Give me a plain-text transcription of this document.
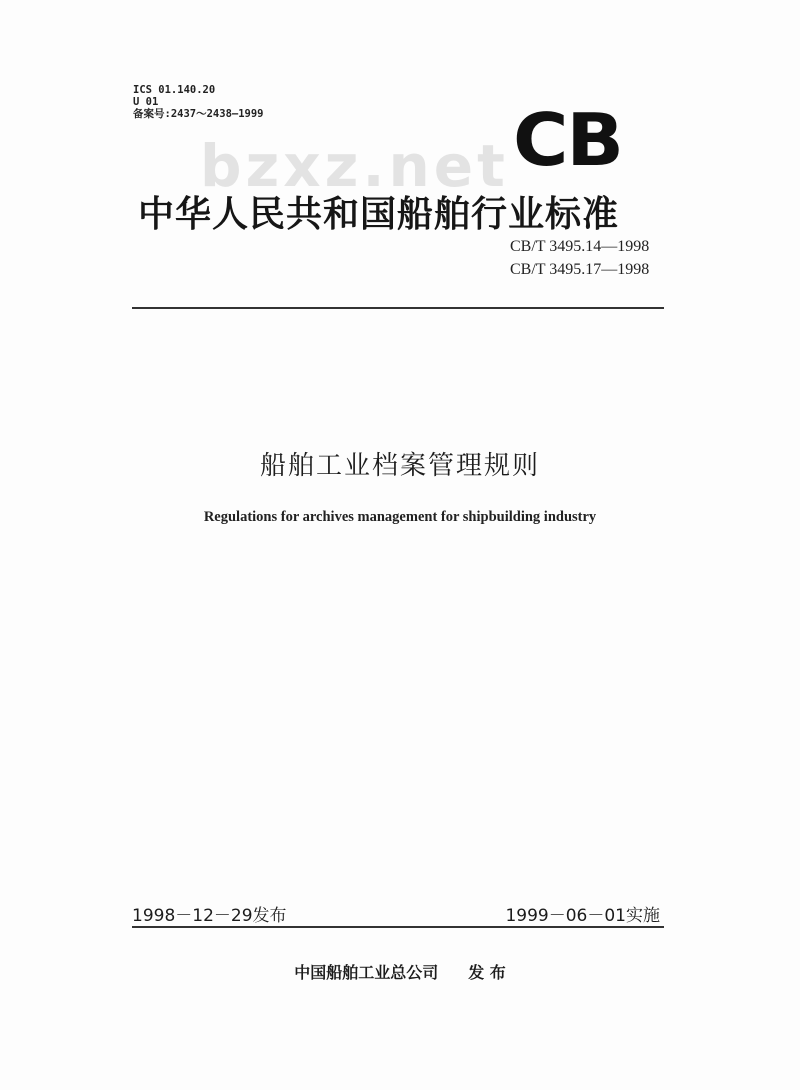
ICS 01.140.20
U 01
备案号:2437～2438—1999
bzxz.net CB
中华人民共和国船舶行业标准
CB/T 3495.14—1998
CB/T 3495.17—1998
船舶工业档案管理规则
Regulations for archives management for shipbuilding industry
1998－12－29发布	1999－06－01实施
中国船舶工业总公司 发 布
